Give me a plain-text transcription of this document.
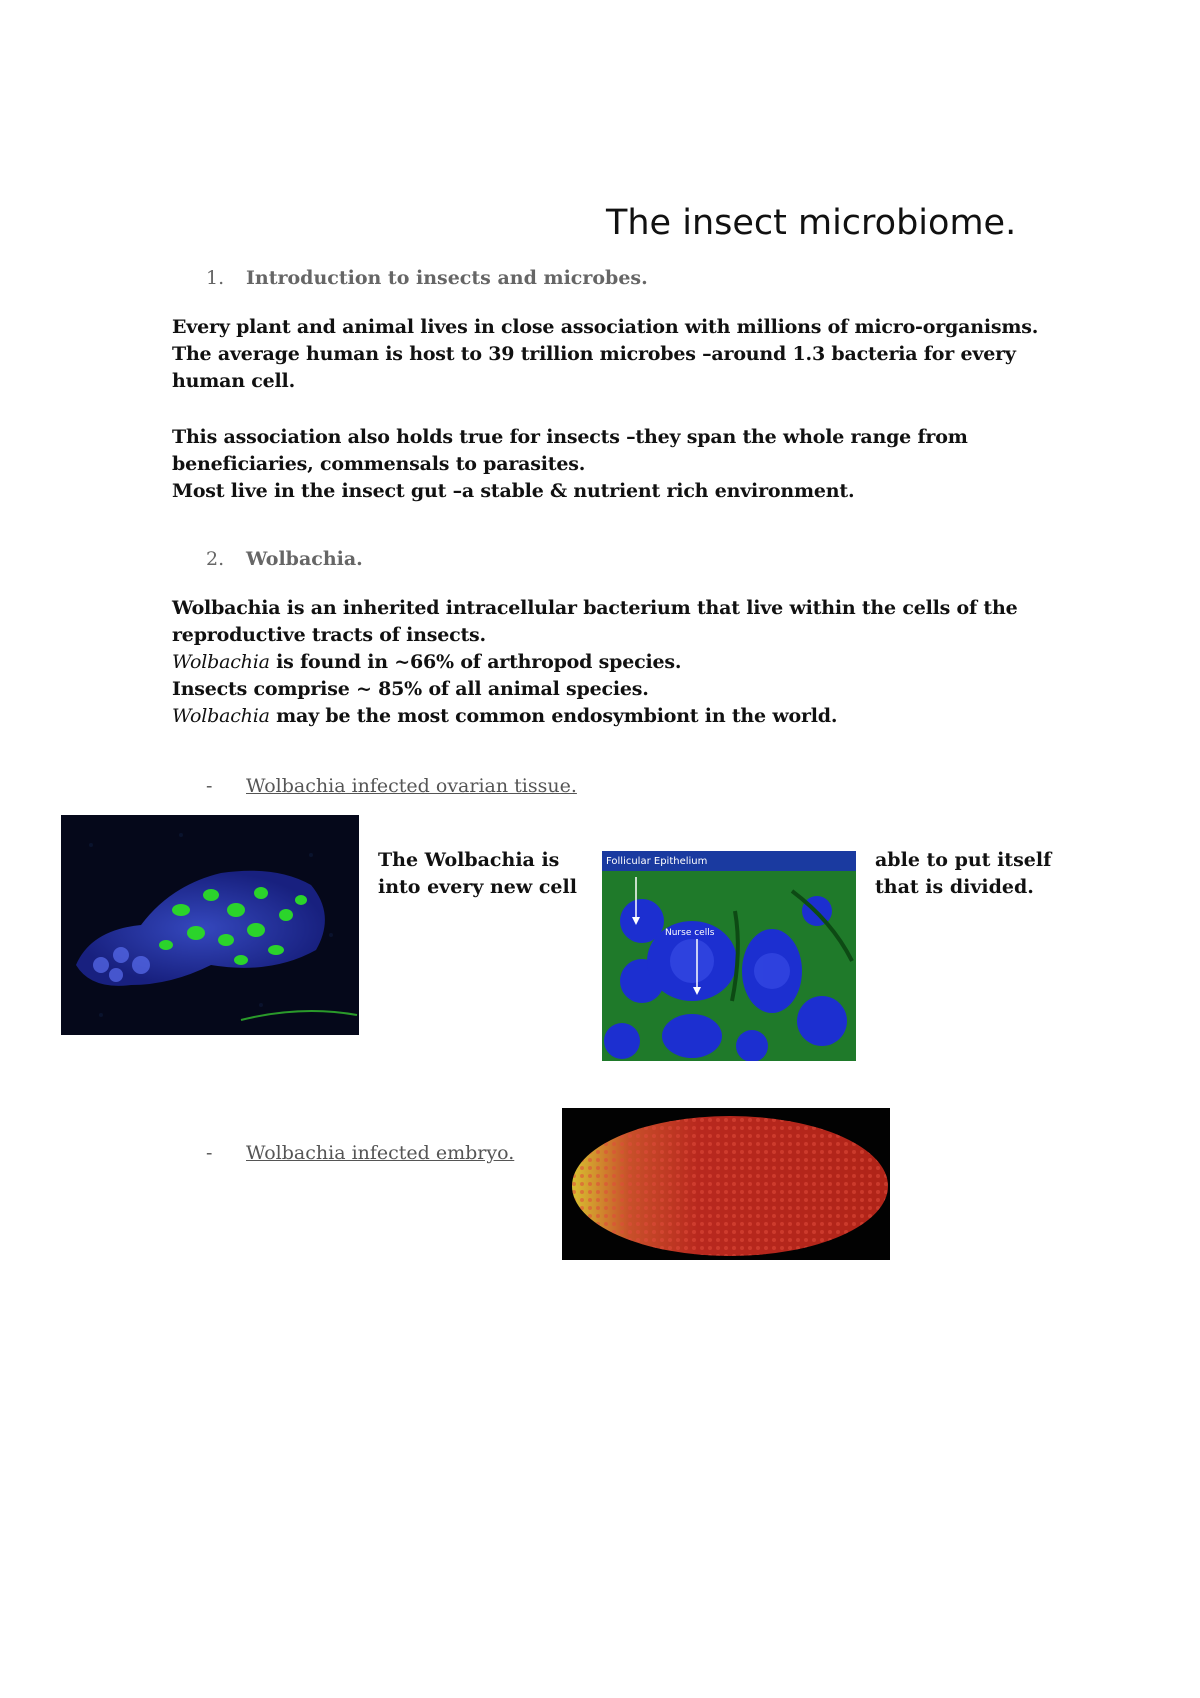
The insect microbiome.
1. Introduction to insects and microbes.

Every plant and animal lives in close association with millions of micro-organisms.

The average human is host to 39 trillion microbes –around 1.3 bacteria for every human cell.

This association also holds true for insects –they span the whole range from beneficiaries, commensals to parasites.

Most live in the insect gut –a stable & nutrient rich environment.

2. Wolbachia.

Wolbachia is an inherited intracellular bacterium that live within the cells of the reproductive tracts of insects.

Wolbachia is found in ~66% of arthropod species.

Insects comprise ~ 85% of all animal species.

Wolbachia may be the most common endosymbiont in the world.

- Wolbachia infected ovarian tissue.
The Wolbachia is
into every new cell
Follicular Epithelium
Nurse cells
able to put itself
that is divided.
- Wolbachia infected embryo.
